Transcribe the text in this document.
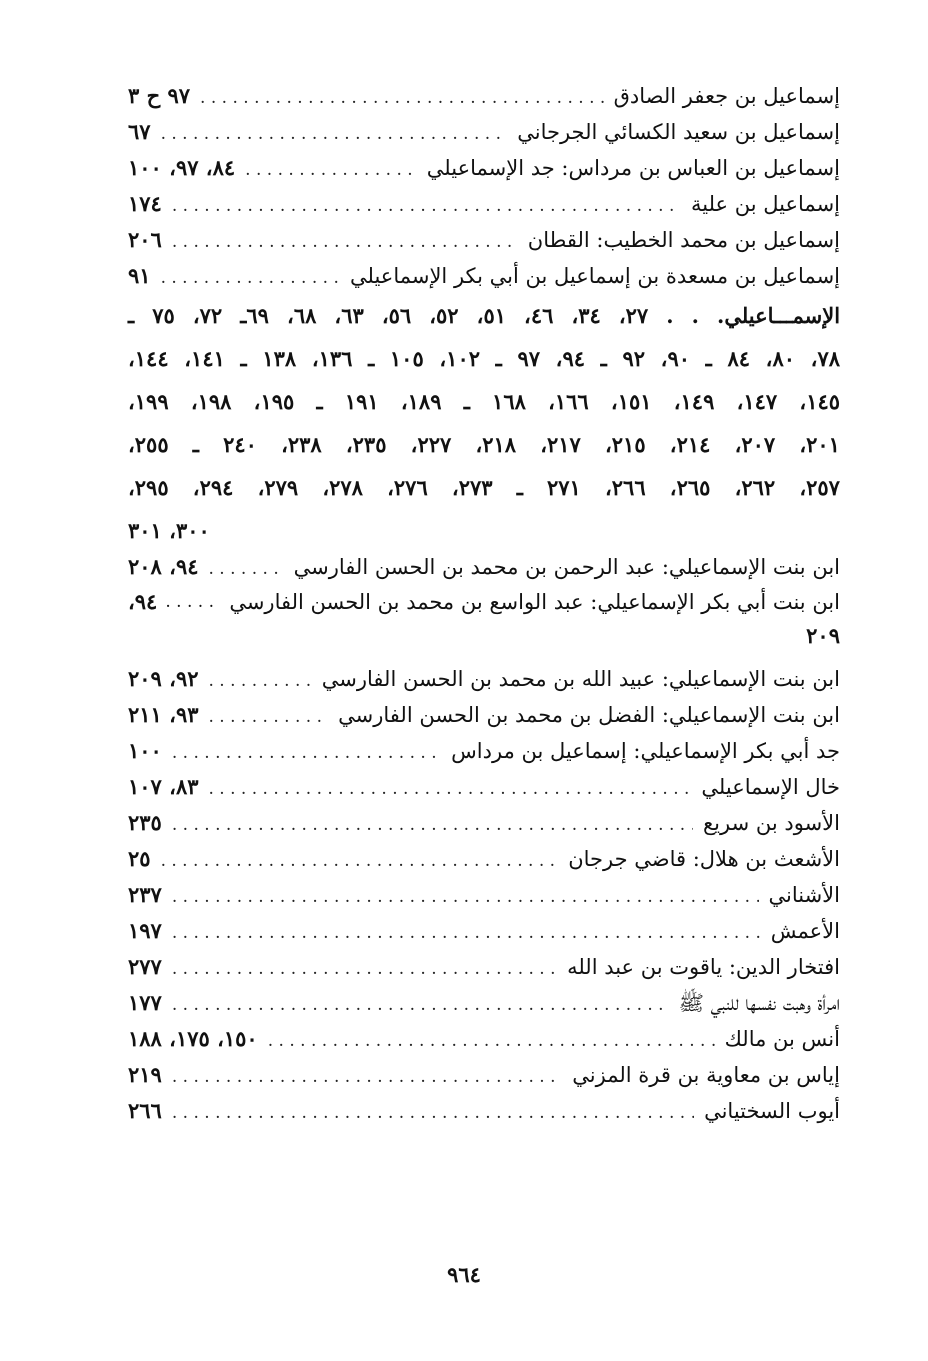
إسماعيل بن جعفر الصادق
. . .
٩٧ ح ٣
إسماعيل بن سعيد الكسائي الجرجاني
. . .
٦٧
إسماعيل بن العباس بن مرداس: جد الإسماعيلي
. . .
٨٤، ٩٧، ١٠٠
إسماعيل بن علية
. . .
١٧٤
إسماعيل بن محمد الخطيب: القطان
. . .
٢٠٦
إسماعيل بن مسعدة بن إسماعيل بن أبي بكر الإسماعيلي
. . .
٩١
الإسمـــاعيلي. . . ٢٧، ٣٤، ٤٦، ٥١، ٥٢، ٥٦، ٦٣، ٦٨، ٦٩ـ ٧٢، ٧٥ ـ
٧٨، ٨٠، ٨٤ ـ ٩٠، ٩٢ ـ ٩٤، ٩٧ ـ ١٠٢، ١٠٥ ـ ١٣٦، ١٣٨ ـ ١٤١، ١٤٤،
١٤٥، ١٤٧، ١٤٩، ١٥١، ١٦٦، ١٦٨ ـ ١٨٩، ١٩١ ـ ١٩٥، ١٩٨، ١٩٩،
٢٠١، ٢٠٧، ٢١٤، ٢١٥، ٢١٧، ٢١٨، ٢٢٧، ٢٣٥، ٢٣٨، ٢٤٠ ـ ٢٥٥،
٢٥٧، ٢٦٢، ٢٦٥، ٢٦٦، ٢٧١ ـ ٢٧٣، ٢٧٦، ٢٧٨، ٢٧٩، ٢٩٤، ٢٩٥،
٣٠٠، ٣٠١
ابن بنت الإسماعيلي: عبد الرحمن بن محمد بن الحسن الفارسي
. . .
٩٤، ٢٠٨
ابن بنت أبي بكر الإسماعيلي: عبد الواسع بن محمد بن الحسن الفارسي
. . .
٩٤،
٢٠٩
ابن بنت الإسماعيلي: عبيد الله بن محمد بن الحسن الفارسي
. . .
٩٢، ٢٠٩
ابن بنت الإسماعيلي: الفضل بن محمد بن الحسن الفارسي
. . .
٩٣، ٢١١
جد أبي بكر الإسماعيلي: إسماعيل بن مرداس
. . .
١٠٠
خال الإسماعيلي
. . .
٨٣، ١٠٧
الأسود بن سريع
. . .
٢٣٥
الأشعث بن هلال: قاضي جرجان
. . .
٢٥
الأشناني
. . .
٢٣٧
الأعمش
. . .
١٩٧
افتخار الدين: ياقوت بن عبد الله
. . .
٢٧٧
امرأة وهبت نفسها للنبي ﷺ
. . .
١٧٧
أنس بن مالك
. . .
١٥٠، ١٧٥، ١٨٨
إياس بن معاوية بن قرة المزني
. . .
٢١٩
أيوب السختياني
. . .
٢٦٦
٩٦٤
